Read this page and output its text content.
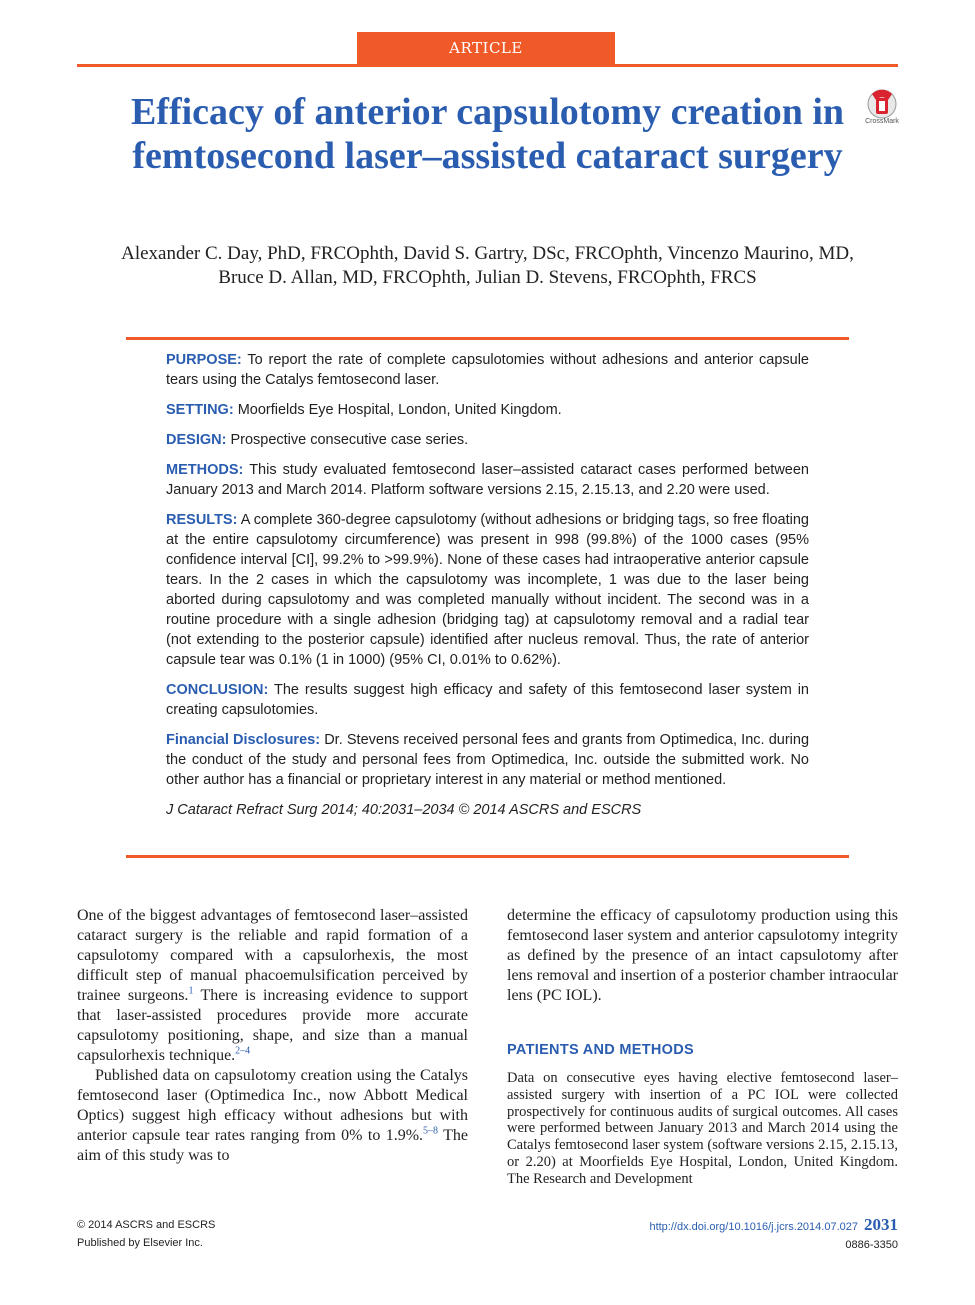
ARTICLE
Efficacy of anterior capsulotomy creation in femtosecond laser–assisted cataract surgery
CrossMark
Alexander C. Day, PhD, FRCOphth, David S. Gartry, DSc, FRCOphth, Vincenzo Maurino, MD,
Bruce D. Allan, MD, FRCOphth, Julian D. Stevens, FRCOphth, FRCS

PURPOSE: To report the rate of complete capsulotomies without adhesions and anterior capsule tears using the Catalys femtosecond laser.

SETTING: Moorfields Eye Hospital, London, United Kingdom.

DESIGN: Prospective consecutive case series.

METHODS: This study evaluated femtosecond laser–assisted cataract cases performed between January 2013 and March 2014. Platform software versions 2.15, 2.15.13, and 2.20 were used.

RESULTS: A complete 360-degree capsulotomy (without adhesions or bridging tags, so free floating at the entire capsulotomy circumference) was present in 998 (99.8%) of the 1000 cases (95% confidence interval [CI], 99.2% to >99.9%). None of these cases had intraoperative anterior capsule tears. In the 2 cases in which the capsulotomy was incomplete, 1 was due to the laser being aborted during capsulotomy and was completed manually without incident. The second was in a routine procedure with a single adhesion (bridging tag) at capsulotomy removal and a radial tear (not extending to the posterior capsule) identified after nucleus removal. Thus, the rate of anterior capsule tear was 0.1% (1 in 1000) (95% CI, 0.01% to 0.62%).

CONCLUSION: The results suggest high efficacy and safety of this femtosecond laser system in creating capsulotomies.

Financial Disclosures: Dr. Stevens received personal fees and grants from Optimedica, Inc. during the conduct of the study and personal fees from Optimedica, Inc. outside the submitted work. No other author has a financial or proprietary interest in any material or method mentioned.

J Cataract Refract Surg 2014; 40:2031–2034 © 2014 ASCRS and ESCRS

One of the biggest advantages of femtosecond laser–assisted cataract surgery is the reliable and rapid formation of a capsulotomy compared with a capsulorhexis, the most difficult step of manual phacoemulsification perceived by trainee surgeons.$^1$ There is increasing evidence to support that laser-assisted procedures provide more accurate capsulotomy positioning, shape, and size than a manual capsulorhexis technique.$^{2-4}$

Published data on capsulotomy creation using the Catalys femtosecond laser (Optimedica Inc., now Abbott Medical Optics) suggest high efficacy without adhesions but with anterior capsule tear rates ranging from 0% to 1.9%.$^{5-8}$ The aim of this study was to

determine the efficacy of capsulotomy production using this femtosecond laser system and anterior capsulotomy integrity as defined by the presence of an intact capsulotomy after lens removal and insertion of a posterior chamber intraocular lens (PC IOL).

PATIENTS AND METHODS

Data on consecutive eyes having elective femtosecond laser–assisted surgery with insertion of a PC IOL were collected prospectively for continuous audits of surgical outcomes. All cases were performed between January 2013 and March 2014 using the Catalys femtosecond laser system (software versions 2.15, 2.15.13, or 2.20) at Moorfields Eye Hospital, London, United Kingdom. The Research and Development

© 2014 ASCRS and ESCRS
Published by Elsevier Inc.
http://dx.doi.org/10.1016/j.jcrs.2014.07.027 2031
0886-3350
